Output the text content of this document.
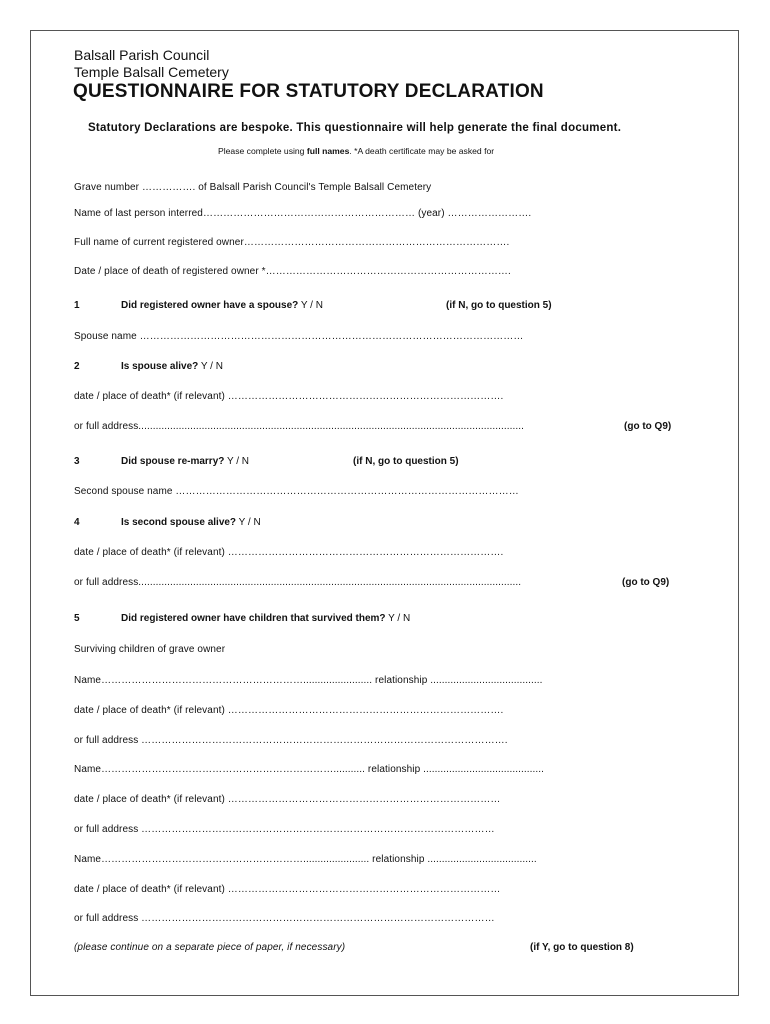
Balsall Parish Council
Temple Balsall Cemetery
QUESTIONNAIRE FOR STATUTORY DECLARATION
Statutory Declarations are bespoke. This questionnaire will help generate the final document.
Please complete using full names. *A death certificate may be asked for
Grave number ……………. of Balsall Parish Council's Temple Balsall Cemetery
Name of last person interred……………………………………………………… (year) …………………….
Full name of current registered owner…………………………………………………………………….
Date / place of death of registered owner *……………………………………………………………….
1	Did registered owner have a spouse? Y / N	(if N, go to question 5)
Spouse name ……………………………………………………………………………………………………
2	Is spouse alive? Y / N
date / place of death* (if relevant) ……………………………………………………………………….
or full address......................................................................................................................................	(go to Q9)
3	Did spouse re-marry? Y / N	(if N, go to question 5)
Second spouse name …………………………………………………………………………………………
4	Is second spouse alive? Y / N
date / place of death* (if relevant) ……………………………………………………………………….
or full address.....................................................................................................................................	(go to Q9)
5	Did registered owner have children that survived them? Y / N
Surviving children of grave owner
Name……………………………………………………........................ relationship .......................................
date / place of death* (if relevant) ……………………………………………………………………….
or full address ……………………………………………………………………………………………….
Name……………………………………………………………........... relationship ..........................................
date / place of death* (if relevant) ………………………………………………………………………
or full address ……………………………………………………………………………………………
Name……………………………………………………....................... relationship ......................................
date / place of death* (if relevant) ………………………………………………………………………
or full address ……………………………………………………………………………………………
(please continue on a separate piece of paper, if necessary)	(if Y, go to question 8)
